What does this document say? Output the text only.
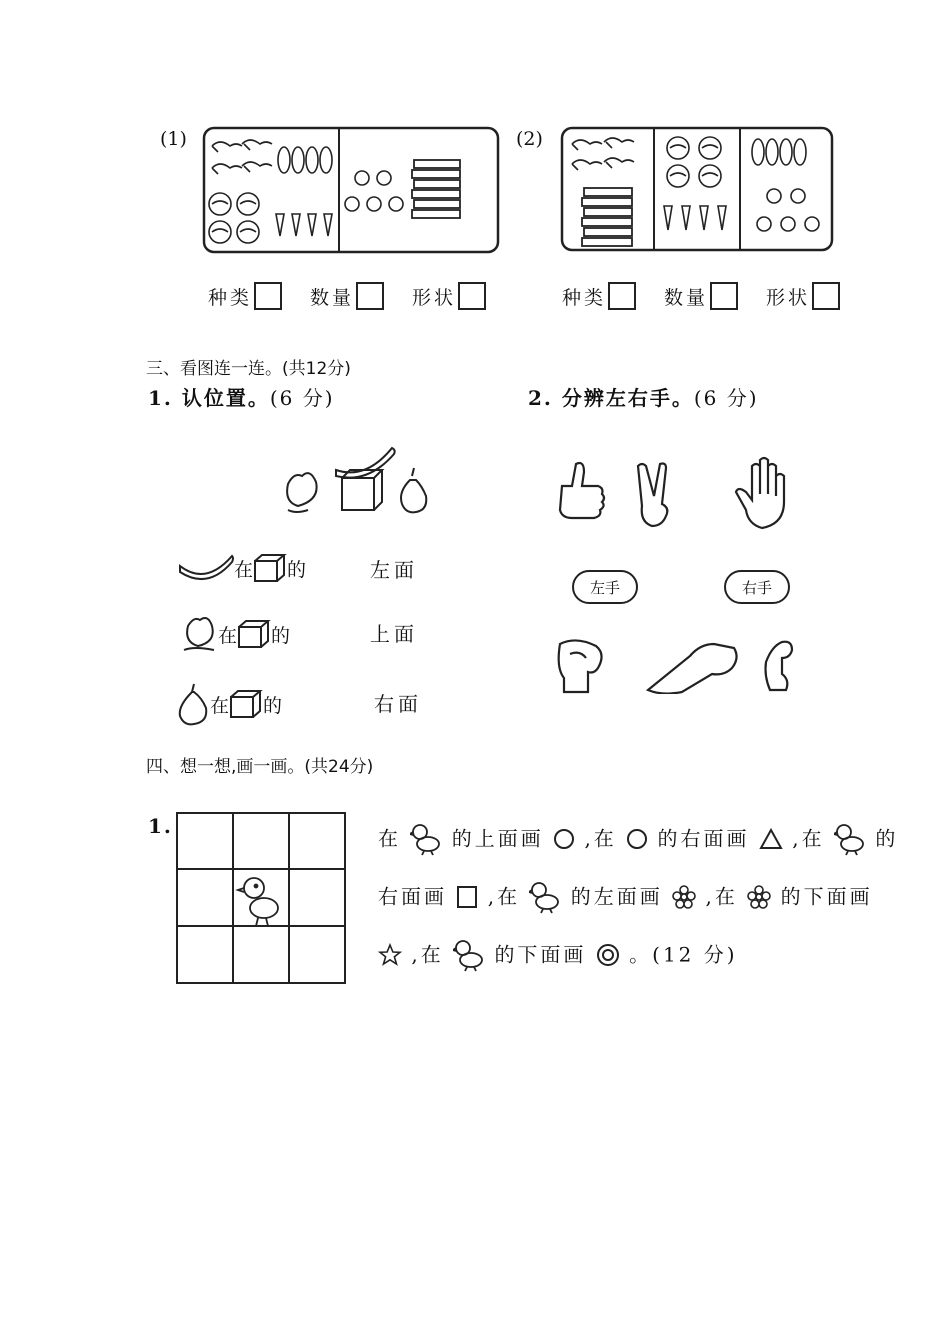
(1)
种类	数量	形状
(2)
种类	数量	形状
三、看图连一连。(共12分)
1. 认位置。(6 分)	2. 分辨左右手。(6 分)
在 的
在 的
在 的
左面
上面
右面
左手	右手
四、想一想,画一画。(共24分)
1.
在	的上面画 ,在 的右面画 ,在	的
右面画 ,在	的左面画 ,在 的下面画
,在	的下面画 。(12 分)
